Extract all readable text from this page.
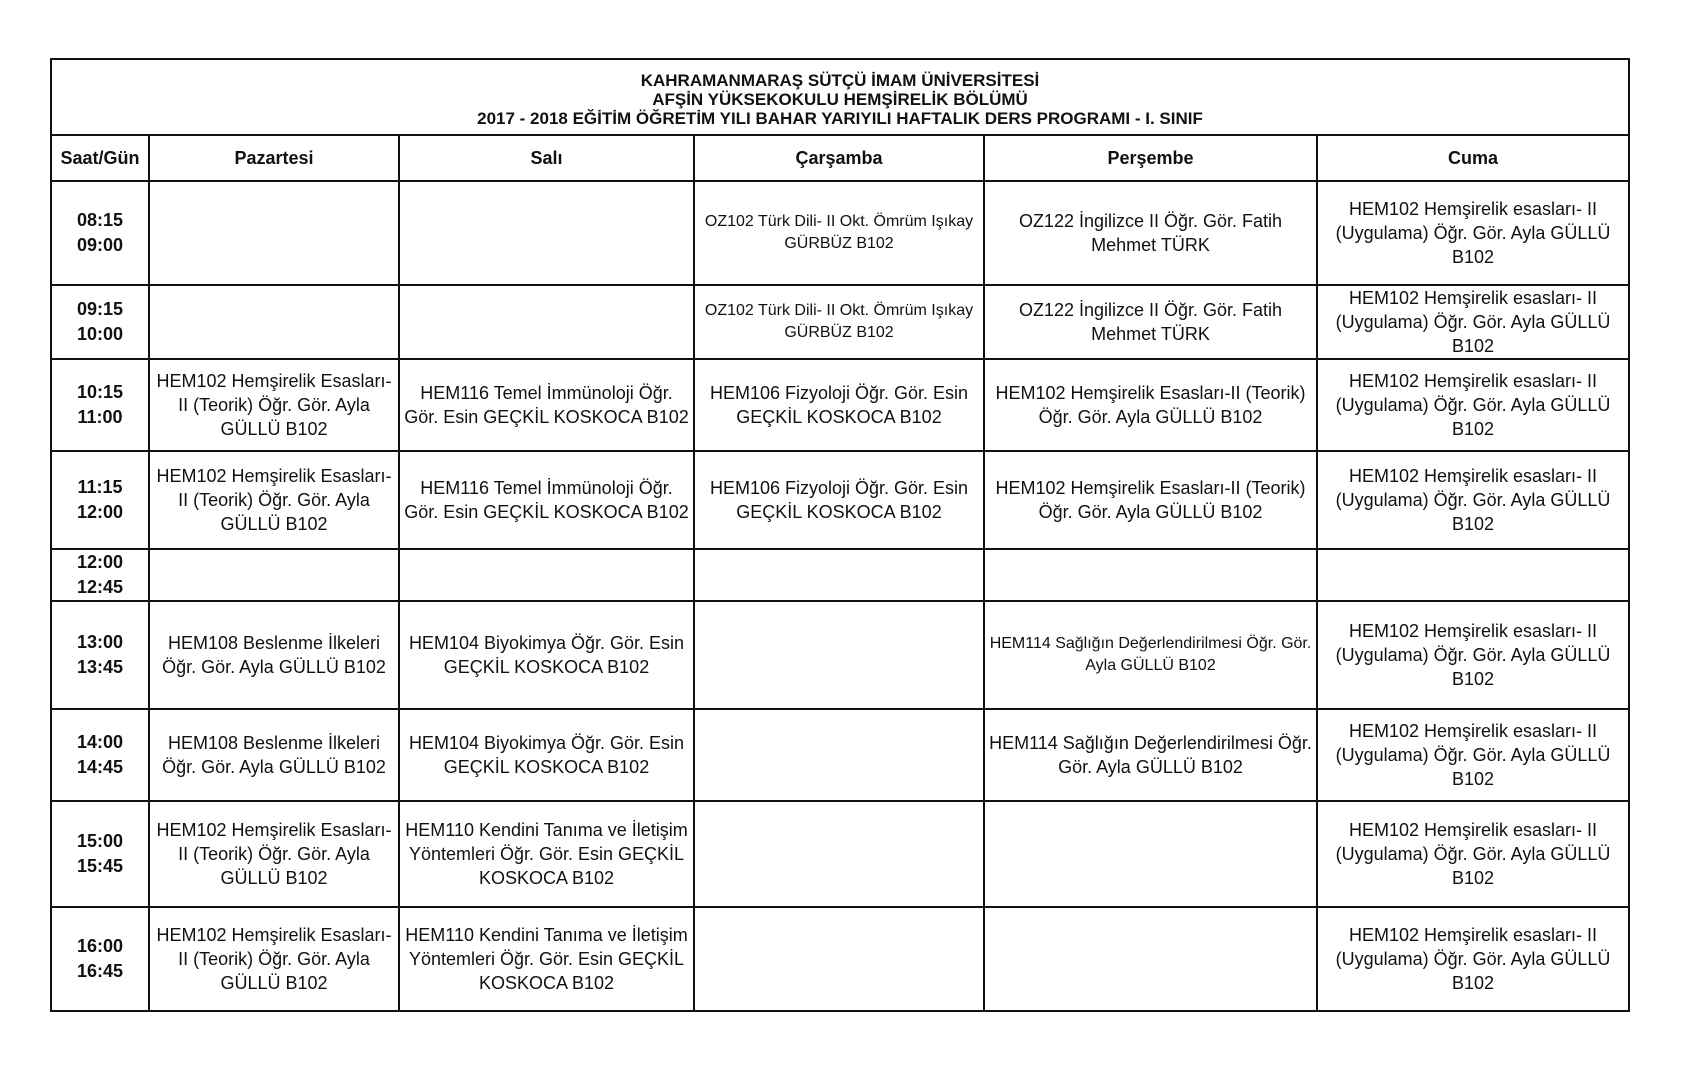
KAHRAMANMARAŞ SÜTÇÜ İMAM ÜNİVERSİTESİ
AFŞİN YÜKSEKOKULU HEMŞİRELİK BÖLÜMÜ
2017 - 2018 EĞİTİM ÖĞRETİM YILI BAHAR YARIYILI HAFTALIK DERS PROGRAMI - I. SINIF					

Saat/Gün	Pazartesi	Salı	Çarşamba	Perşembe	Cuma

08:15
09:00			OZ102 Türk Dili- II Okt. Ömrüm Işıkay GÜRBÜZ B102	OZ122 İngilizce II Öğr. Gör. Fatih Mehmet TÜRK	HEM102 Hemşirelik esasları- II (Uygulama) Öğr. Gör. Ayla GÜLLÜ B102

09:15
10:00			OZ102 Türk Dili- II Okt. Ömrüm Işıkay GÜRBÜZ B102	OZ122 İngilizce II Öğr. Gör. Fatih Mehmet TÜRK	HEM102 Hemşirelik esasları- II (Uygulama) Öğr. Gör. Ayla GÜLLÜ B102

10:15
11:00	HEM102 Hemşirelik Esasları-II (Teorik) Öğr. Gör. Ayla GÜLLÜ B102	HEM116 Temel İmmünoloji Öğr. Gör. Esin GEÇKİL KOSKOCA B102	HEM106 Fizyoloji Öğr. Gör. Esin GEÇKİL KOSKOCA B102	HEM102 Hemşirelik Esasları-II (Teorik) Öğr. Gör. Ayla GÜLLÜ B102	HEM102 Hemşirelik esasları- II (Uygulama) Öğr. Gör. Ayla GÜLLÜ B102

11:15
12:00	HEM102 Hemşirelik Esasları-II (Teorik) Öğr. Gör. Ayla GÜLLÜ B102	HEM116 Temel İmmünoloji Öğr. Gör. Esin GEÇKİL KOSKOCA B102	HEM106 Fizyoloji Öğr. Gör. Esin GEÇKİL KOSKOCA B102	HEM102 Hemşirelik Esasları-II (Teorik) Öğr. Gör. Ayla GÜLLÜ B102	HEM102 Hemşirelik esasları- II (Uygulama) Öğr. Gör. Ayla GÜLLÜ B102

12:00
12:45					

13:00
13:45	HEM108 Beslenme İlkeleri Öğr. Gör. Ayla GÜLLÜ B102	HEM104 Biyokimya Öğr. Gör. Esin GEÇKİL KOSKOCA B102		HEM114 Sağlığın Değerlendirilmesi Öğr. Gör. Ayla GÜLLÜ B102	HEM102 Hemşirelik esasları- II (Uygulama) Öğr. Gör. Ayla GÜLLÜ B102

14:00
14:45	HEM108 Beslenme İlkeleri Öğr. Gör. Ayla GÜLLÜ B102	HEM104 Biyokimya Öğr. Gör. Esin GEÇKİL KOSKOCA B102		HEM114 Sağlığın Değerlendirilmesi Öğr. Gör. Ayla GÜLLÜ B102	HEM102 Hemşirelik esasları- II (Uygulama) Öğr. Gör. Ayla GÜLLÜ B102

15:00
15:45	HEM102 Hemşirelik Esasları-II (Teorik) Öğr. Gör. Ayla GÜLLÜ B102	HEM110 Kendini Tanıma ve İletişim Yöntemleri Öğr. Gör. Esin GEÇKİL KOSKOCA B102			HEM102 Hemşirelik esasları- II (Uygulama) Öğr. Gör. Ayla GÜLLÜ B102

16:00
16:45	HEM102 Hemşirelik Esasları-II (Teorik) Öğr. Gör. Ayla GÜLLÜ B102	HEM110 Kendini Tanıma ve İletişim Yöntemleri Öğr. Gör. Esin GEÇKİL KOSKOCA B102			HEM102 Hemşirelik esasları- II (Uygulama) Öğr. Gör. Ayla GÜLLÜ B102
